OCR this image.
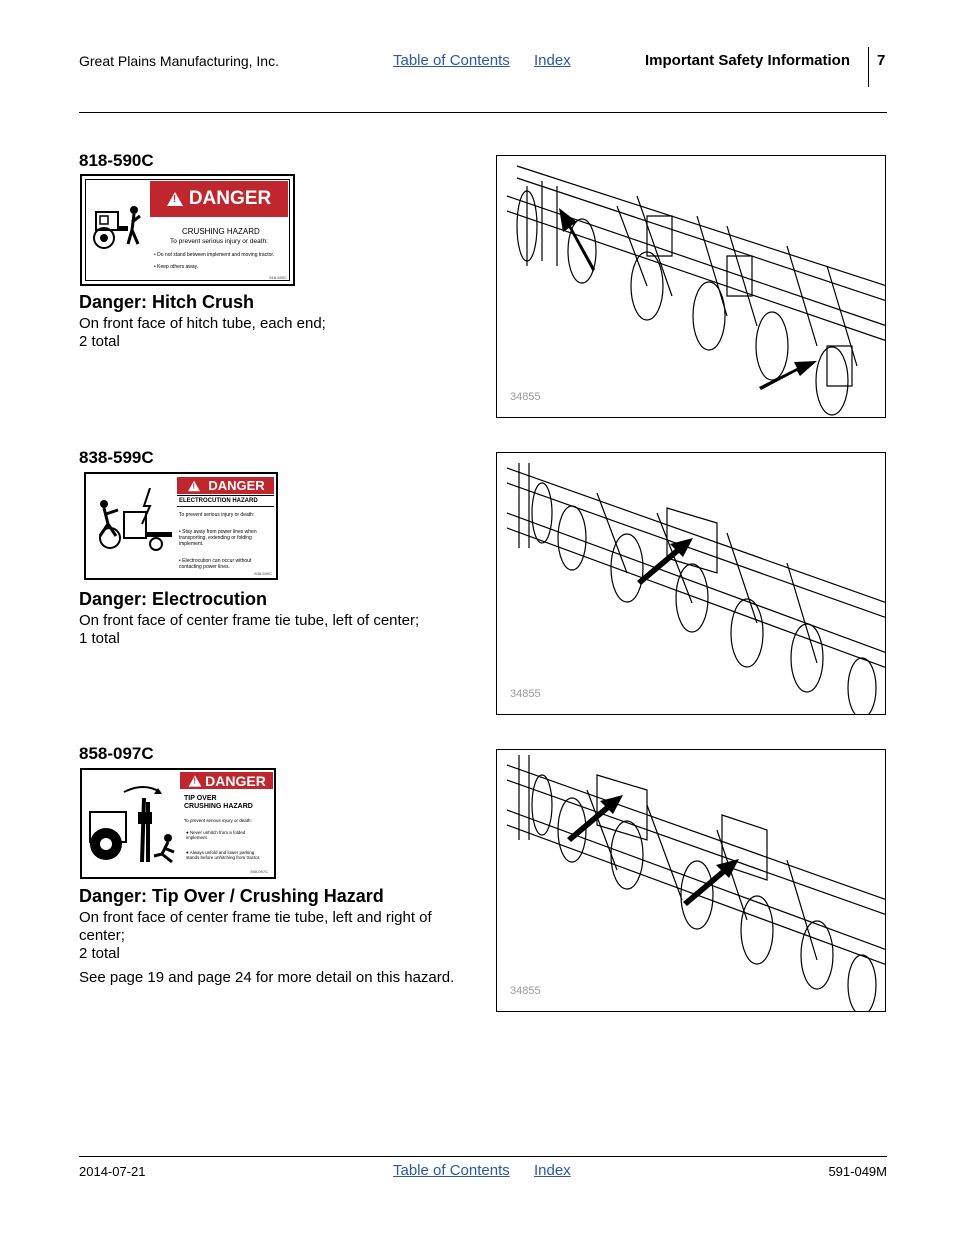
Great Plains Manufacturing, Inc.	Table of Contents Index	Important Safety Information 7
818-590C
!
DANGER
CRUSHING HAZARD
To prevent serious injury or death:
• Do not stand between implement and moving tractor.
• Keep others away.
818-590C
Danger: Hitch Crush
On front face of hitch tube, each end;
2 total
34855
838-599C
!
DANGER
ELECTROCUTION HAZARD
To prevent serious injury or death:
• Stay away from power lines when transporting, extending or folding implement.
• Electrocution can occur without contacting power lines.
838-599C
Danger: Electrocution
On front face of center frame tie tube, left of center;
1 total
34855
858-097C
!
DANGER
TIP OVER
CRUSHING HAZARD
To prevent serious injury or death:
● Never unhitch from a folded implement.
● Always unfold and lower parking stands before unhitching from tractor.
858-097C
Danger: Tip Over / Crushing Hazard
On front face of center frame tie tube, left and right of center;
2 total
See page 19 and page 24 for more detail on this hazard.
34855
2014-07-21	Table of Contents Index	591-049M
